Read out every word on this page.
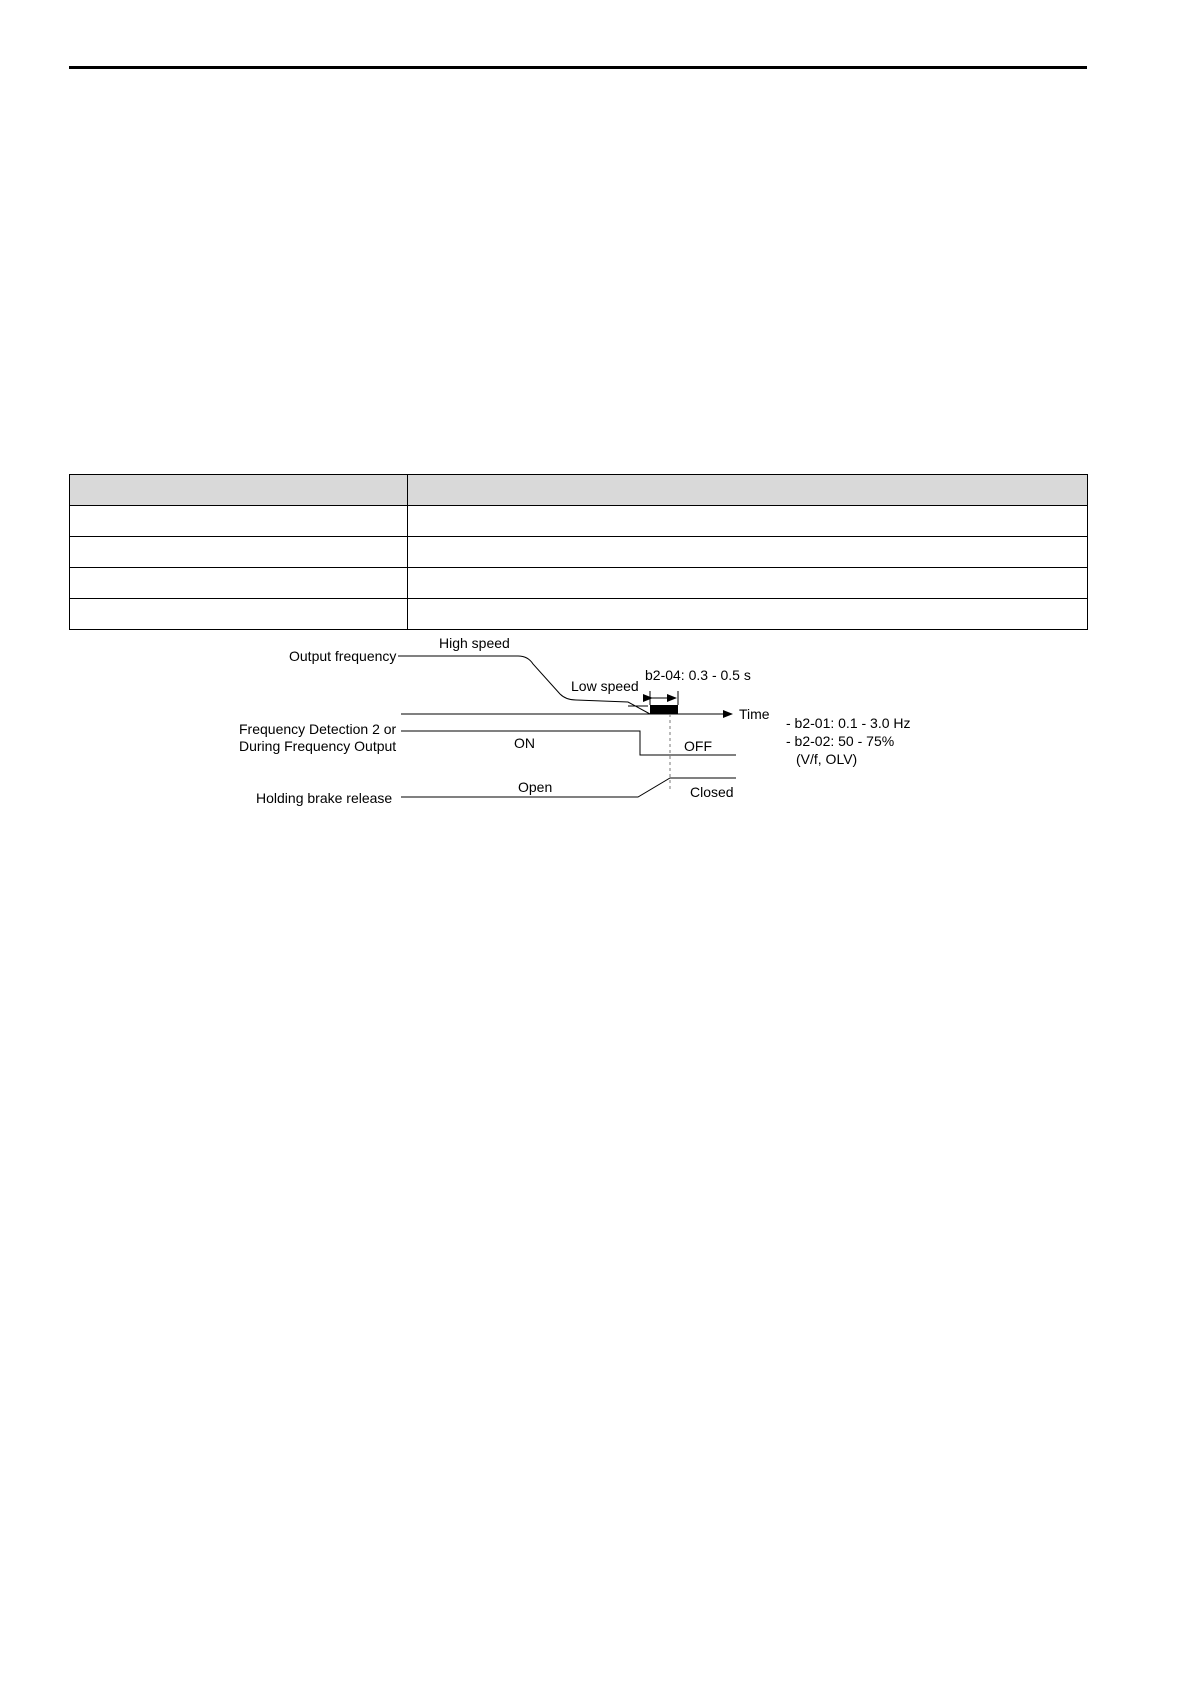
Output frequency
High speed
Low speed
Time
b2-04: 0.3 - 0.5 s
Frequency Detection 2 or
During Frequency Output	ON	OFF
Holding brake release
Open	Closed
- b2-01: 0.1 - 3.0 Hz
- b2-02: 50 - 75%
(V/f, OLV)
